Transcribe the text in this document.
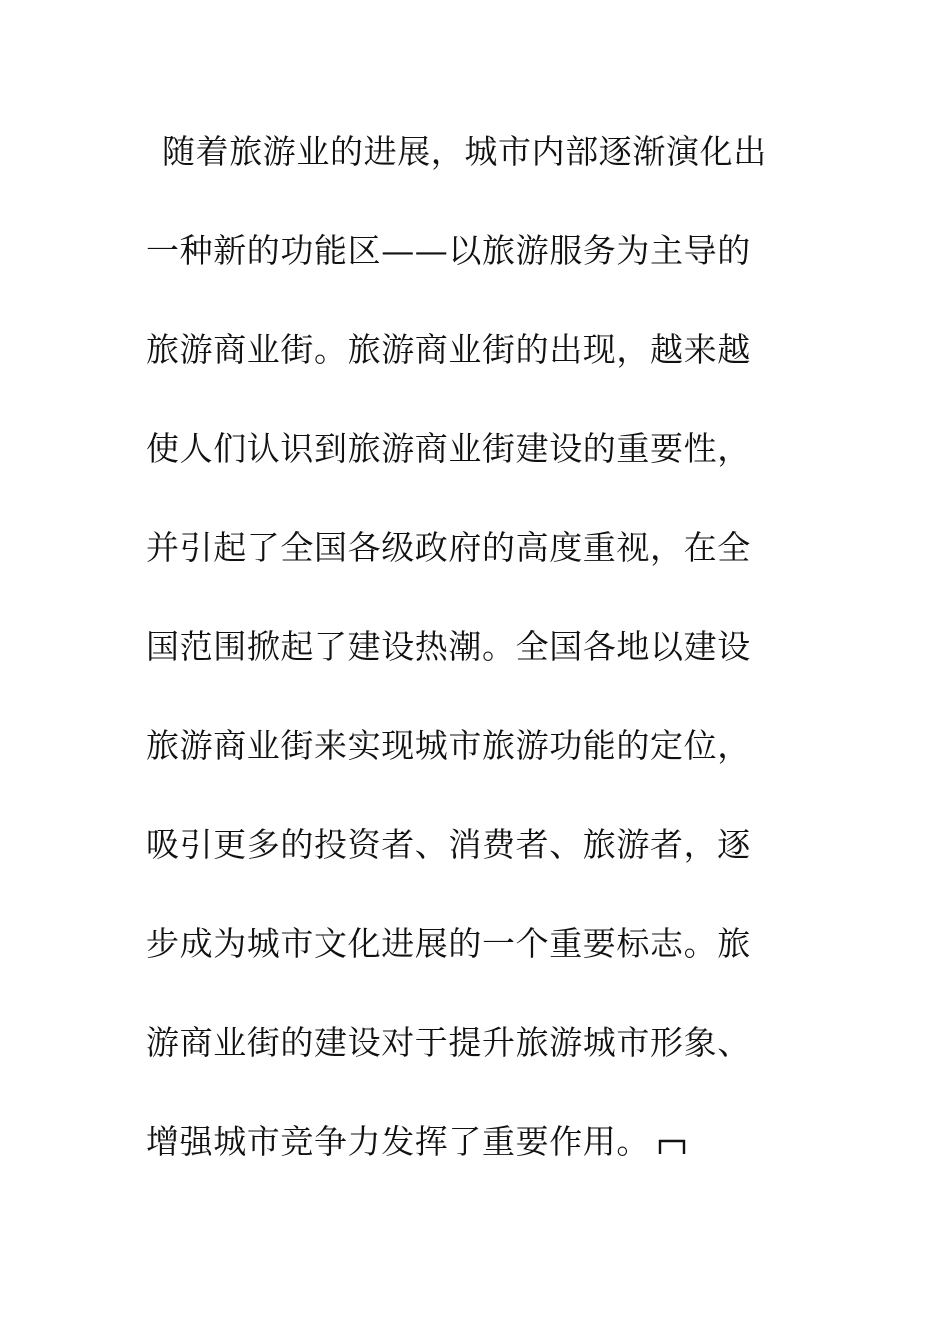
随着旅游业的进展，城市内部逐渐演化出
一种新的功能区——以旅游服务为主导的
旅游商业街。旅游商业街的出现，越来越
使人们认识到旅游商业街建设的重要性，
并引起了全国各级政府的高度重视，在全
国范围掀起了建设热潮。全国各地以建设
旅游商业街来实现城市旅游功能的定位，
吸引更多的投资者、消费者、旅游者，逐
步成为城市文化进展的一个重要标志。旅
游商业街的建设对于提升旅游城市形象、
增强城市竞争力发挥了重要作用。
